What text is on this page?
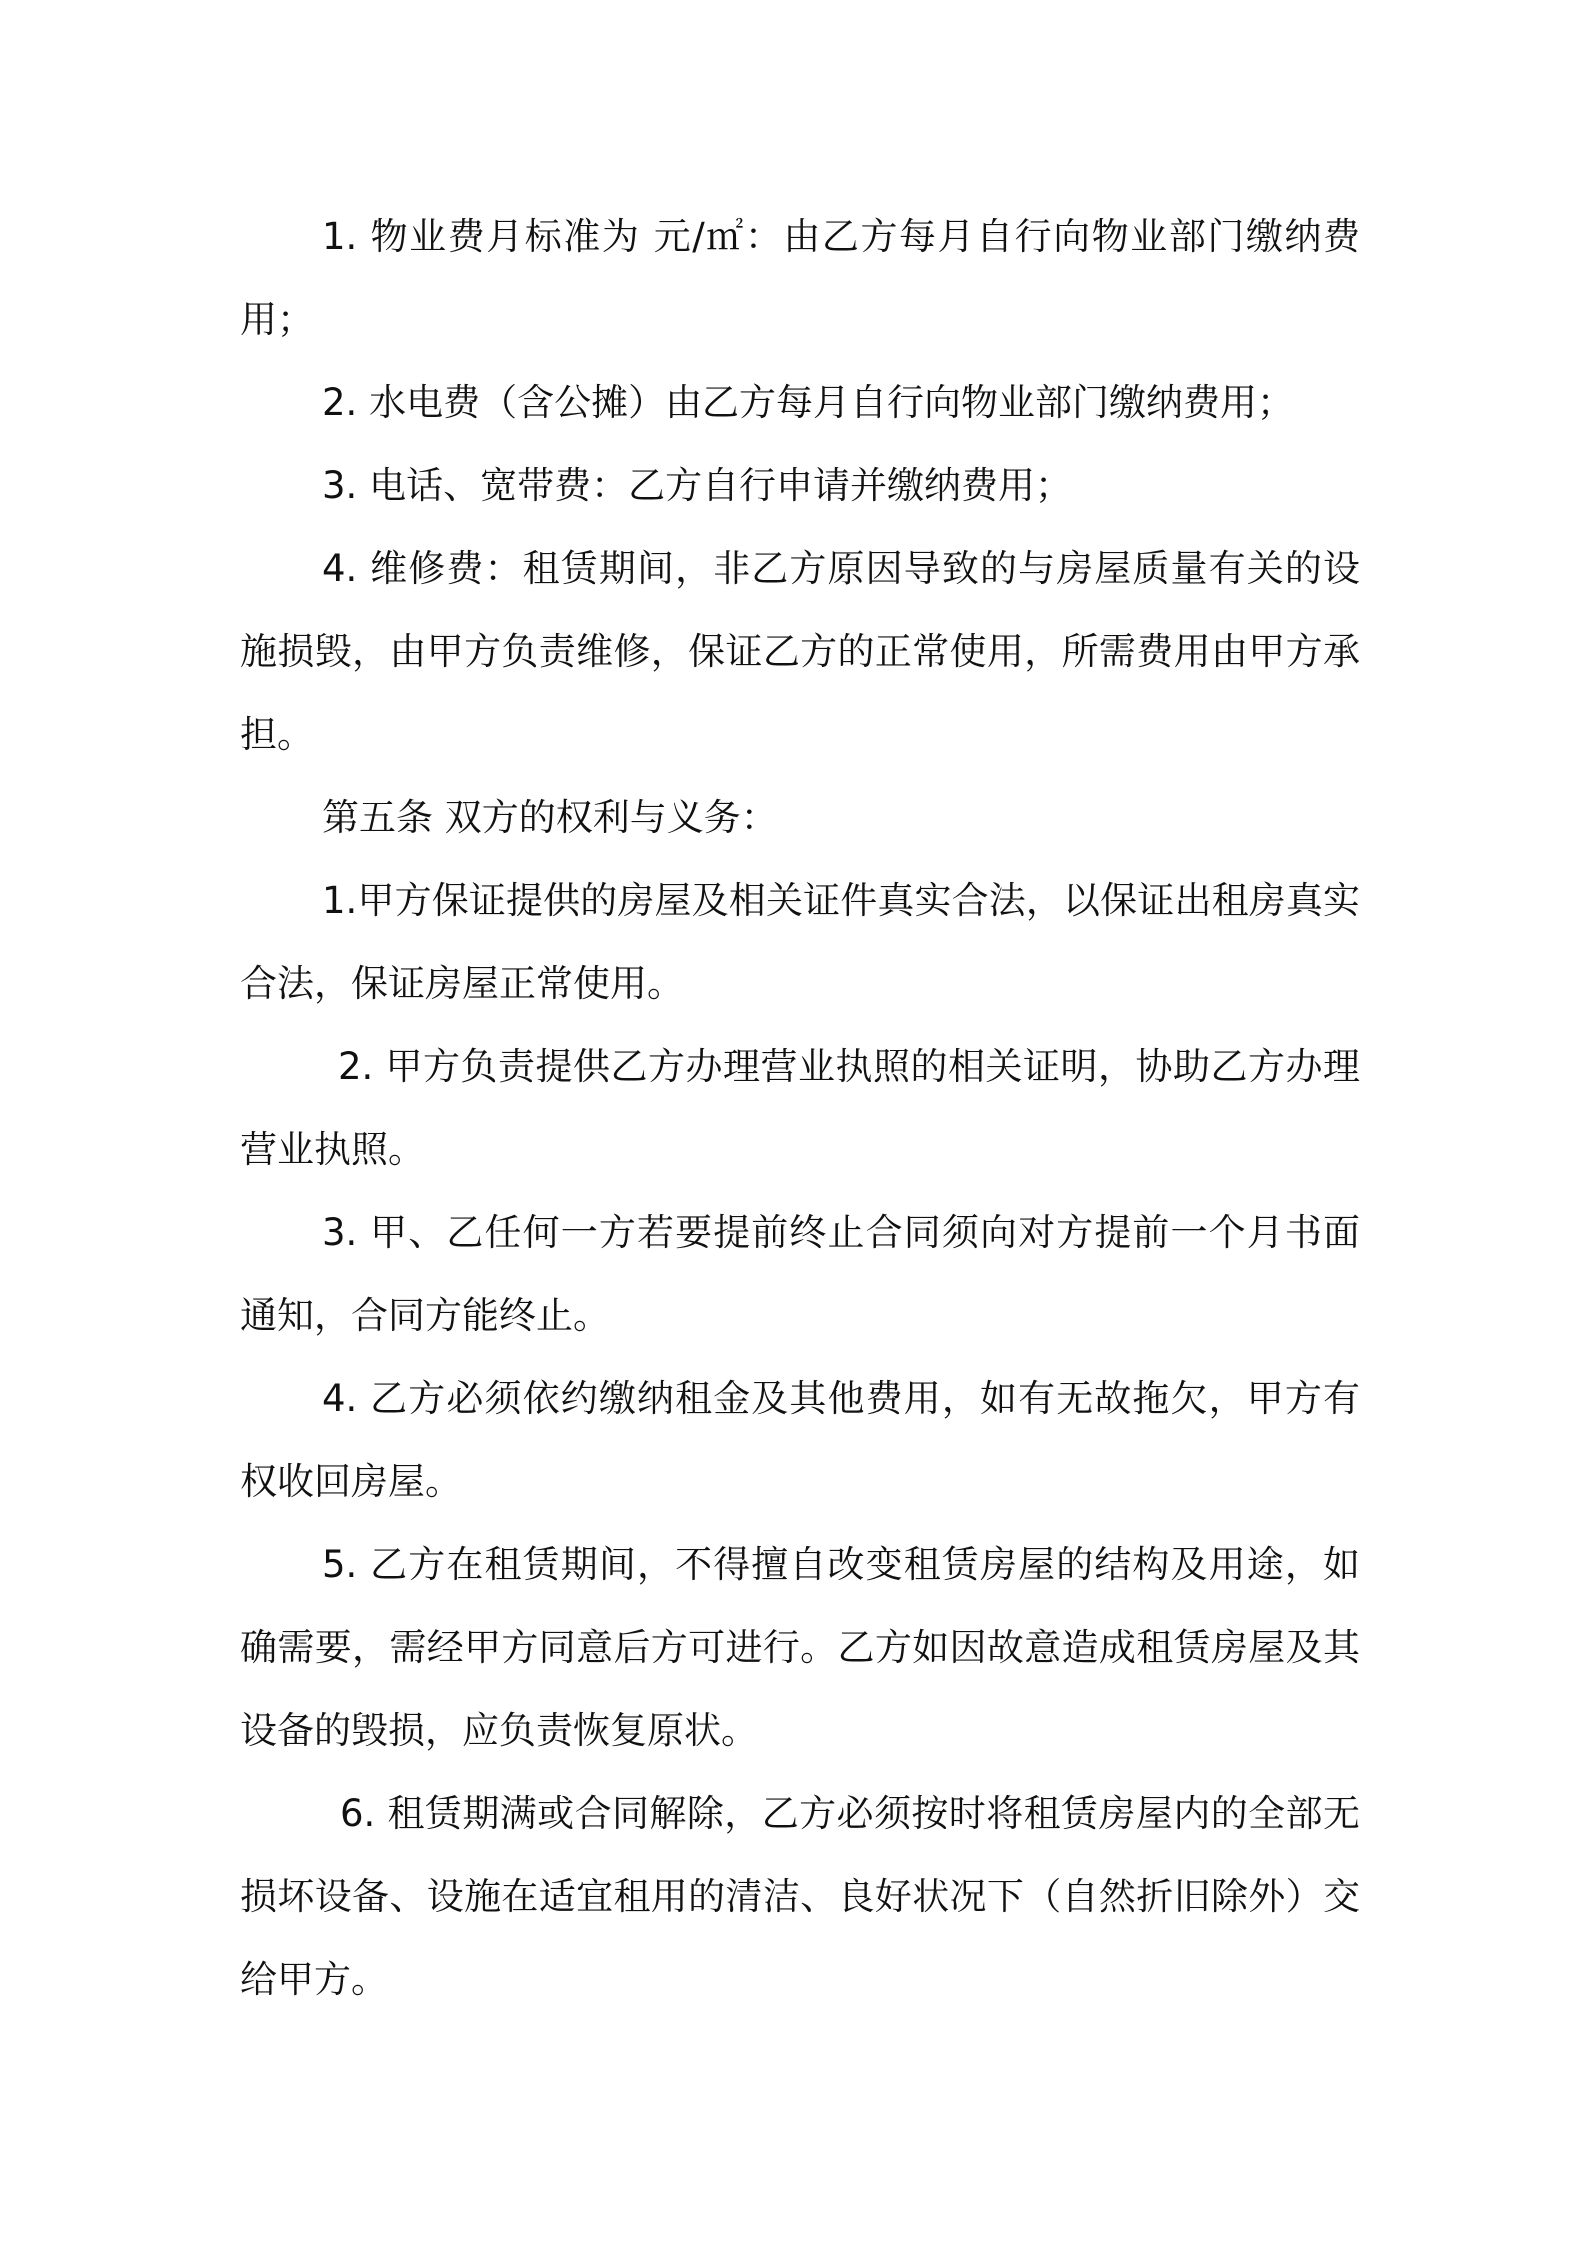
1. 物业费月标准为 元/㎡：由乙方每月自行向物业部门缴纳费用；

2. 水电费（含公摊）由乙方每月自行向物业部门缴纳费用；

3. 电话、宽带费：乙方自行申请并缴纳费用；

4. 维修费：租赁期间，非乙方原因导致的与房屋质量有关的设施损毁，由甲方负责维修，保证乙方的正常使用，所需费用由甲方承担。

第五条 双方的权利与义务：

1.甲方保证提供的房屋及相关证件真实合法，以保证出租房真实合法，保证房屋正常使用。

2. 甲方负责提供乙方办理营业执照的相关证明，协助乙方办理营业执照。

3. 甲、乙任何一方若要提前终止合同须向对方提前一个月书面通知，合同方能终止。

4. 乙方必须依约缴纳租金及其他费用，如有无故拖欠，甲方有权收回房屋。

5. 乙方在租赁期间，不得擅自改变租赁房屋的结构及用途，如确需要，需经甲方同意后方可进行。乙方如因故意造成租赁房屋及其设备的毁损，应负责恢复原状。

6. 租赁期满或合同解除，乙方必须按时将租赁房屋内的全部无损坏设备、设施在适宜租用的清洁、良好状况下（自然折旧除外）交给甲方。
